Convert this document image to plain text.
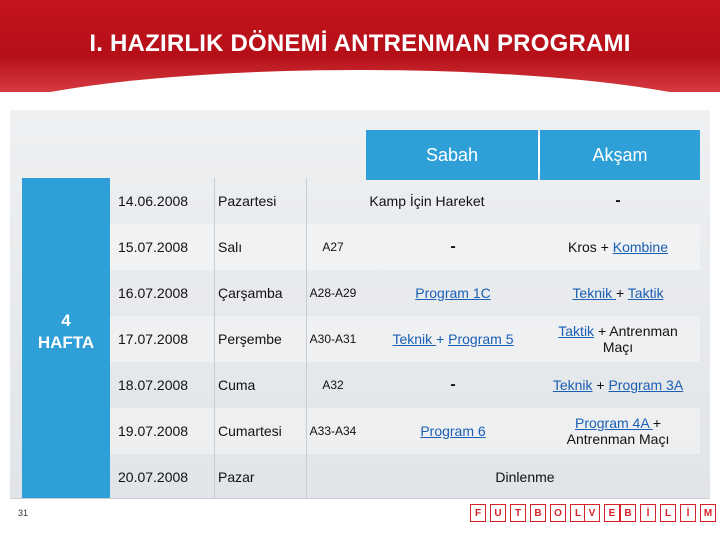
I. HAZIRLIK DÖNEMİ ANTRENMAN PROGRAMI
Sabah	Akşam
4
HAFTA
14.06.2008	Pazartesi	Kamp İçin Hareket	-
15.07.2008	Salı	A27	-	Kros + Kombine
16.07.2008	Çarşamba	A28-A29	Program 1C	Teknik + Taktik
17.07.2008	Perşembe	A30-A31	Teknik + Program 5	Taktik + Antrenman Maçı
18.07.2008	Cuma	A32	-	Teknik + Program 3A
19.07.2008	Cumartesi	A33-A34	Program 6	Program 4A + Antrenman Maçı
20.07.2008	Pazar	Dinlenme
31	F	U	T	B	O	L V	E B	İ	L	İ	M
